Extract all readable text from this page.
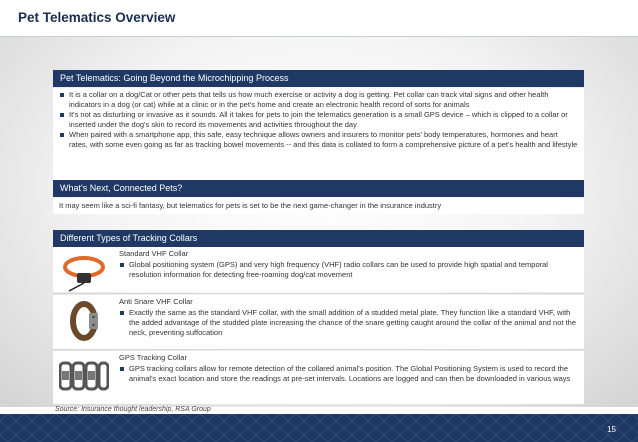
Pet Telematics Overview
Pet Telematics: Going Beyond the Microchipping Process
It is a collar on a dog/Cat or other pets that tells us how much exercise or activity a dog is getting. Pet collar can track vital signs and other health indicators in a dog (or cat) while at a clinic or in the pet's home and create an electronic health record of sorts for animals
It's not as disturbing or invasive as it sounds. All it takes for pets to join the telematics generation is a small GPS device – which is clipped to a collar or inserted under the dog's skin to record its movements and activities throughout the day
When paired with a smartphone app, this safe, easy technique allows owners and insurers to monitor pets' body temperatures, hormones and heart rates, with some even going as far as tracking bowel movements -- and this data is collated to form a comprehensive picture of a pet's health and lifestyle
What's Next, Connected Pets?
It may seem like a sci-fi fantasy, but telematics for pets is set to be the next game-changer in the insurance industry
Different Types of Tracking Collars
Standard VHF Collar
Global positioning system (GPS) and very high frequency (VHF) radio collars can be used to provide high spatial and temporal resolution information for detecting free-roaming dog/cat movement
Anti Snare VHF Collar
Exactly the same as the standard VHF collar, with the small addition of a studded metal plate. They function like a standard VHF, with the added advantage of the studded plate increasing the chance of the snare getting caught around the collar of the animal and not the neck, preventing suffocation
GPS Tracking Collar
GPS tracking collars allow for remote detection of the collared animal's position. The Global Positioning System is used to record the animal's exact location and store the readings at pre-set intervals. Locations are logged and can then be downloaded in various ways
Source: Insurance thought leadership, RSA Group
15
